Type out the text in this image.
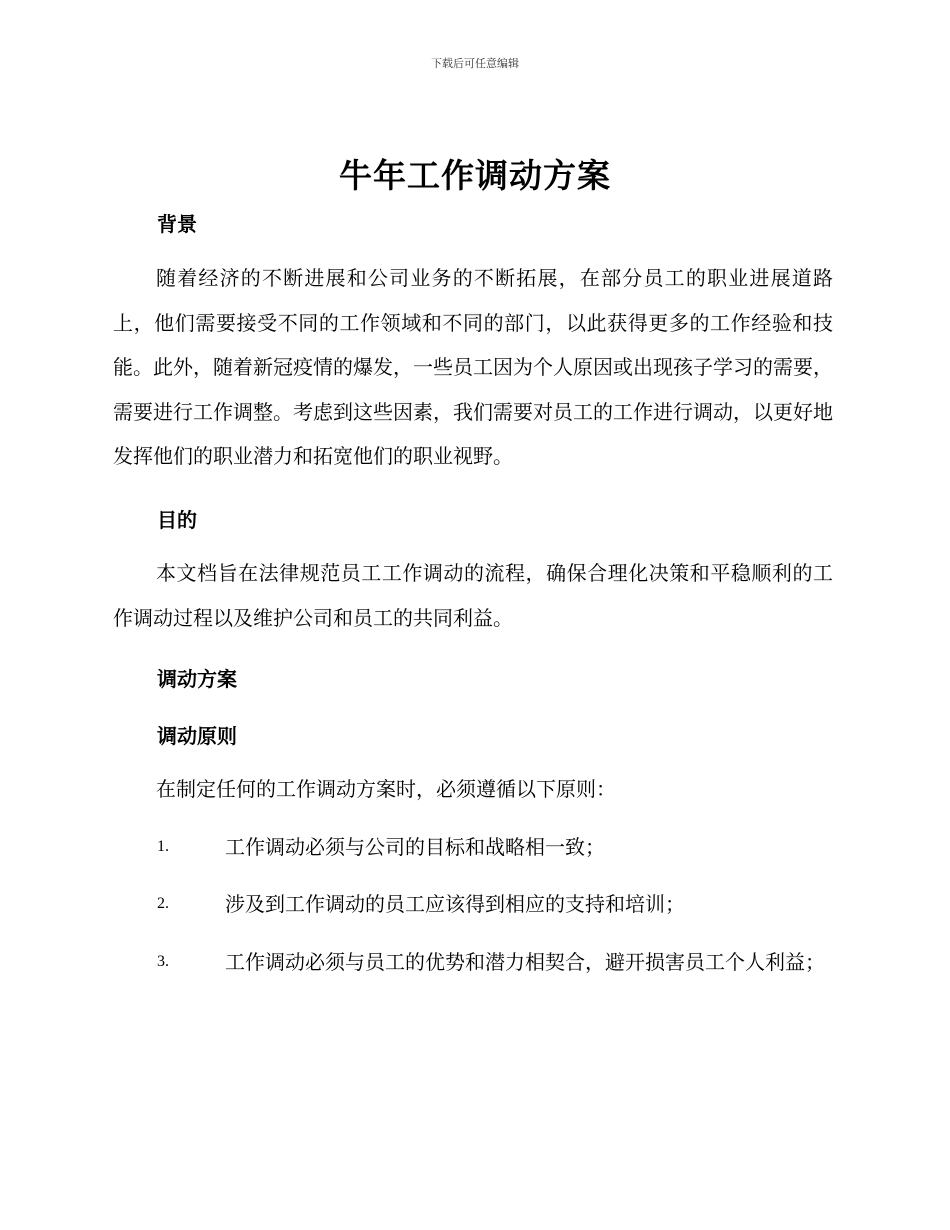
下载后可任意编辑
牛年工作调动方案
背景

随着经济的不断进展和公司业务的不断拓展，在部分员工的职业进展道路上，他们需要接受不同的工作领域和不同的部门，以此获得更多的工作经验和技能。此外，随着新冠疫情的爆发，一些员工因为个人原因或出现孩子学习的需要，需要进行工作调整。考虑到这些因素，我们需要对员工的工作进行调动，以更好地发挥他们的职业潜力和拓宽他们的职业视野。

目的

本文档旨在法律规范员工工作调动的流程，确保合理化决策和平稳顺利的工作调动过程以及维护公司和员工的共同利益。

调动方案
调动原则

在制定任何的工作调动方案时，必须遵循以下原则：

1.	工作调动必须与公司的目标和战略相一致；
2.	涉及到工作调动的员工应该得到相应的支持和培训；
3.	工作调动必须与员工的优势和潜力相契合，避开损害员工个人利益；
